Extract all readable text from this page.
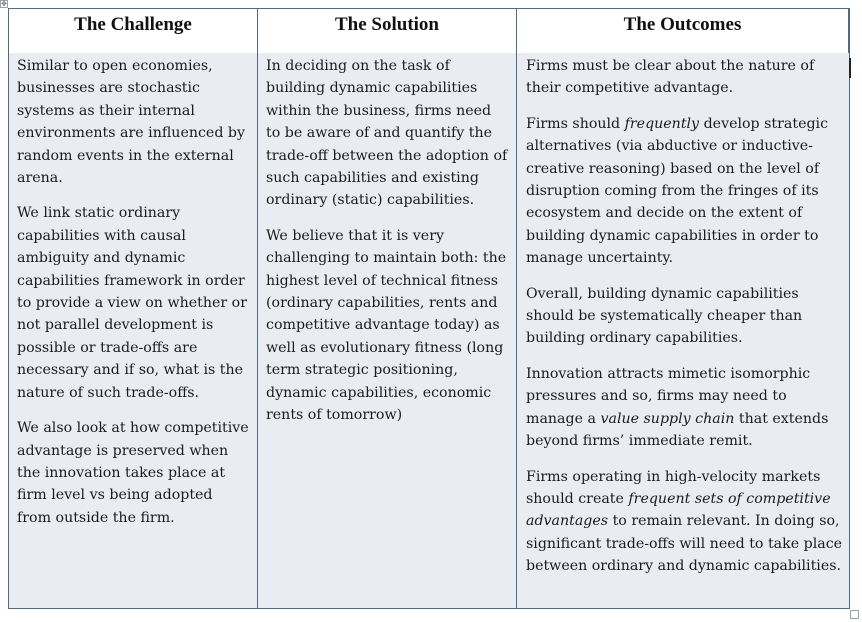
✥
The Challenge	The Solution	The Outcomes

Similar to open economies, businesses are stochastic systems as their internal environments are influenced by random events in the external arena.

We link static ordinary capabilities with causal ambiguity and dynamic capabilities framework in order to provide a view on whether or not parallel development is possible or trade-offs are necessary and if so, what is the nature of such trade-offs.

We also look at how competitive advantage is preserved when the innovation takes place at firm level vs being adopted from outside the firm.

In deciding on the task of building dynamic capabilities within the business, firms need to be aware of and quantify the trade-off between the adoption of such capabilities and existing ordinary (static) capabilities.

We believe that it is very challenging to maintain both: the highest level of technical fitness (ordinary capabilities, rents and competitive advantage today) as well as evolutionary fitness (long term strategic positioning, dynamic capabilities, economic rents of tomorrow)

Firms must be clear about the nature of their competitive advantage.

Firms should frequently develop strategic alternatives (via abductive or inductive-creative reasoning) based on the level of disruption coming from the fringes of its ecosystem and decide on the extent of building dynamic capabilities in order to manage uncertainty.

Overall, building dynamic capabilities should be systematically cheaper than building ordinary capabilities.

Innovation attracts mimetic isomorphic pressures and so, firms may need to manage a value supply chain that extends beyond firms’ immediate remit.

Firms operating in high-velocity markets should create frequent sets of competitive advantages to remain relevant. In doing so, significant trade-offs will need to take place between ordinary and dynamic capabilities.
